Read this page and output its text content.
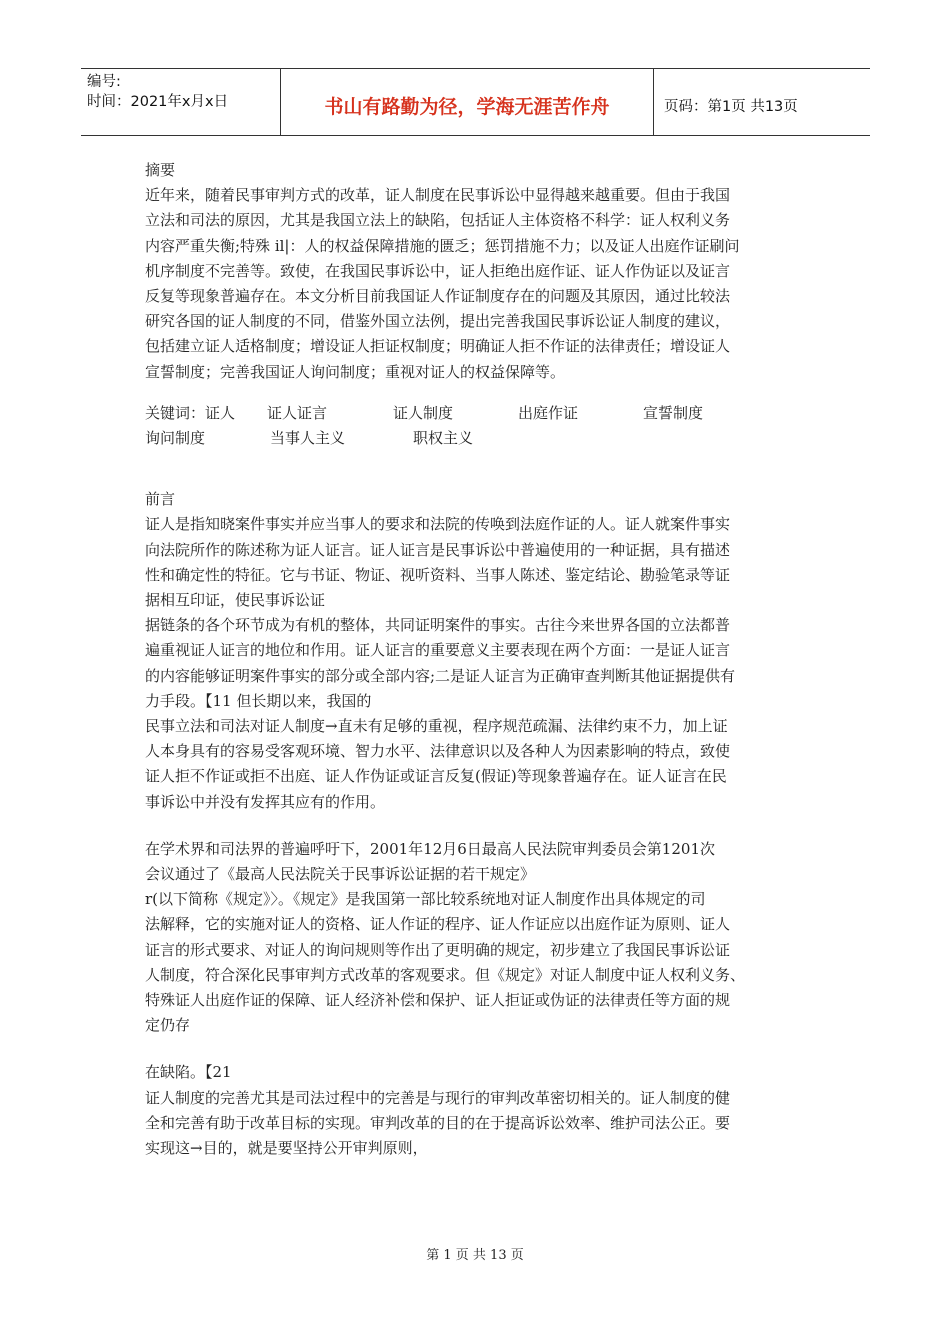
编号:
时间：2021年x月x日	书山有路勤为径，学海无涯苦作舟	页码：第1页 共13页

摘要

近年来，随着民事审判方式的改革，证人制度在民事诉讼中显得越来越重要。但由于我国

立法和司法的原因，尤其是我国立法上的缺陷，包括证人主体资格不科学：证人权利义务

内容严重失衡;特殊 il|：人的权益保障措施的匮乏；惩罚措施不力；以及证人出庭作证刷问

机序制度不完善等。致使，在我国民事诉讼中，证人拒绝出庭作证、证人作伪证以及证言

反复等现象普遍存在。本文分析目前我国证人作证制度存在的问题及其原因，通过比较法

研究各国的证人制度的不同，借鉴外国立法例，提出完善我国民事诉讼证人制度的建议，

包括建立证人适格制度；增设证人拒证权制度；明确证人拒不作证的法律责任；增设证人

宣誓制度；完善我国证人询问制度；重视对证人的权益保障等。

关键词： 证人	证人证言	证人制度	出庭作证	宣誓制度
询问制度	当事人主义	职权主义

前言

证人是指知晓案件事实并应当事人的要求和法院的传唤到法庭作证的人。证人就案件事实

向法院所作的陈述称为证人证言。证人证言是民事诉讼中普遍使用的一种证据，具有描述

性和确定性的特征。它与书证、物证、视听资料、当事人陈述、鉴定结论、勘验笔录等证

据相互印证，使民事诉讼证

据链条的各个环节成为有机的整体，共同证明案件的事实。古往今来世界各国的立法都普

遍重视证人证言的地位和作用。证人证言的重要意义主要表现在两个方面：一是证人证言

的内容能够证明案件事实的部分或全部内容;二是证人证言为正确审查判断其他证据提供有

力手段。【11 但长期以来，我国的

民事立法和司法对证人制度→直未有足够的重视，程序规范疏漏、法律约束不力，加上证

人本身具有的容易受客观环境、智力水平、法律意识以及各种人为因素影响的特点，致使

证人拒不作证或拒不出庭、证人作伪证或证言反复(假证)等现象普遍存在。证人证言在民

事诉讼中并没有发挥其应有的作用。

在学术界和司法界的普遍呼吁下，2001年12月6日最高人民法院审判委员会第1201次

会议通过了《最高人民法院关于民事诉讼证据的若干规定》

r(以下简称《规定》〉。《规定》是我国第一部比较系统地对证人制度作出具体规定的司

法解释，它的实施对证人的资格、证人作证的程序、证人作证应以出庭作证为原则、证人

证言的形式要求、对证人的询问规则等作出了更明确的规定，初步建立了我国民事诉讼证

人制度，符合深化民事审判方式改革的客观要求。但《规定》对证人制度中证人权利义务、

特殊证人出庭作证的保障、证人经济补偿和保护、证人拒证或伪证的法律责任等方面的规

定仍存

在缺陷。【21

证人制度的完善尤其是司法过程中的完善是与现行的审判改革密切相关的。证人制度的健

全和完善有助于改革目标的实现。审判改革的目的在于提高诉讼效率、维护司法公正。要

实现这→目的，就是要坚持公开审判原则，

第 1 页 共 13 页
